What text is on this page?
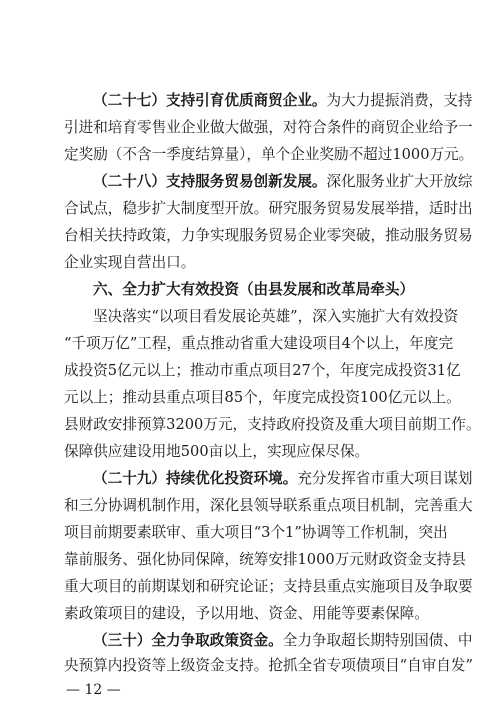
（二十七）支持引育优质商贸企业。为大力提振消费，支持
引进和培育零售业企业做大做强，对符合条件的商贸企业给予一
定奖励（不含一季度结算量），单个企业奖励不超过1000万元。
（二十八）支持服务贸易创新发展。深化服务业扩大开放综
合试点，稳步扩大制度型开放。研究服务贸易发展举措，适时出
台相关扶持政策，力争实现服务贸易企业零突破，推动服务贸易
企业实现自营出口。
六、全力扩大有效投资（由县发展和改革局牵头）
坚决落实“以项目看发展论英雄”，深入实施扩大有效投资
“千项万亿”工程，重点推动省重大建设项目4个以上，年度完
成投资5亿元以上；推动市重点项目27个，年度完成投资31亿
元以上；推动县重点项目85个，年度完成投资100亿元以上。
县财政安排预算3200万元，支持政府投资及重大项目前期工作。
保障供应建设用地500亩以上，实现应保尽保。
（二十九）持续优化投资环境。充分发挥省市重大项目谋划
和三分协调机制作用，深化县领导联系重点项目机制，完善重大
项目前期要素联审、重大项目“3个1”协调等工作机制，突出
靠前服务、强化协同保障，统筹安排1000万元财政资金支持县
重大项目的前期谋划和研究论证；支持县重点实施项目及争取要
素政策项目的建设，予以用地、资金、用能等要素保障。
（三十）全力争取政策资金。全力争取超长期特别国债、中
央预算内投资等上级资金支持。抢抓全省专项债项目“自审自发”
— 12 —
